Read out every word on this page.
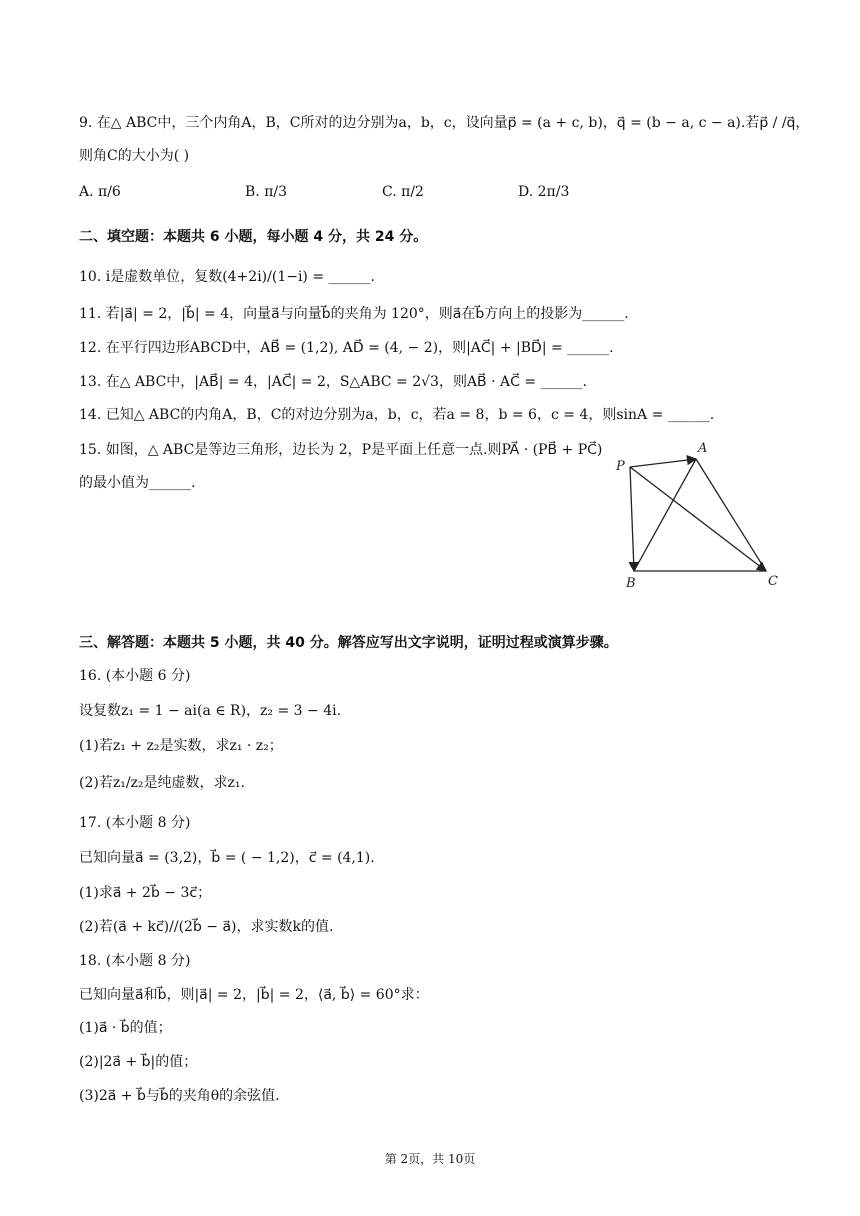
9. 在△ ABC中，三个内角A，B，C所对的边分别为a，b，c，设向量p⃗ = (a + c, b)，q⃗ = (b − a, c − a).若p⃗ / /q⃗，
则角C的大小为( )
A. π/6	B. π/3	C. π/2	D. 2π/3
二、填空题：本题共 6 小题，每小题 4 分，共 24 分。
10. i是虚数单位，复数(4+2i)/(1−i) = ______.
11. 若|a⃗| = 2，|b⃗| = 4，向量a⃗与向量b⃗的夹角为 120°，则a⃗在b⃗方向上的投影为______.
12. 在平行四边形ABCD中，AB⃗ = (1,2), AD⃗ = (4, − 2)，则|AC⃗| + |BD⃗| = ______.
13. 在△ ABC中，|AB⃗| = 4，|AC⃗| = 2，S△ABC = 2√3，则AB⃗ · AC⃗ = ______.
14. 已知△ ABC的内角A，B，C的对边分别为a，b，c，若a = 8，b = 6，c = 4，则sinA = ______.
15. 如图，△ ABC是等边三角形，边长为 2，P是平面上任意一点.则PA⃗ · (PB⃗ + PC⃗)
的最小值为______.
P
A
B	C
三、解答题：本题共 5 小题，共 40 分。解答应写出文字说明，证明过程或演算步骤。
16. (本小题 6 分)
设复数z₁ = 1 − ai(a ∈ R)，z₂ = 3 − 4i.
(1)若z₁ + z₂是实数，求z₁ · z₂；
(2)若z₁/z₂是纯虚数，求z₁.
17. (本小题 8 分)
已知向量a⃗ = (3,2)，b⃗ = ( − 1,2)，c⃗ = (4,1).
(1)求a⃗ + 2b⃗ − 3c⃗；
(2)若(a⃗ + kc⃗)//(2b⃗ − a⃗)，求实数k的值.
18. (本小题 8 分)
已知向量a⃗和b⃗，则|a⃗| = 2，|b⃗| = 2，⟨a⃗, b⃗⟩ = 60°求：
(1)a⃗ · b⃗的值；
(2)|2a⃗ + b⃗|的值；
(3)2a⃗ + b⃗与b⃗的夹角θ的余弦值.
第 2页，共 10页
